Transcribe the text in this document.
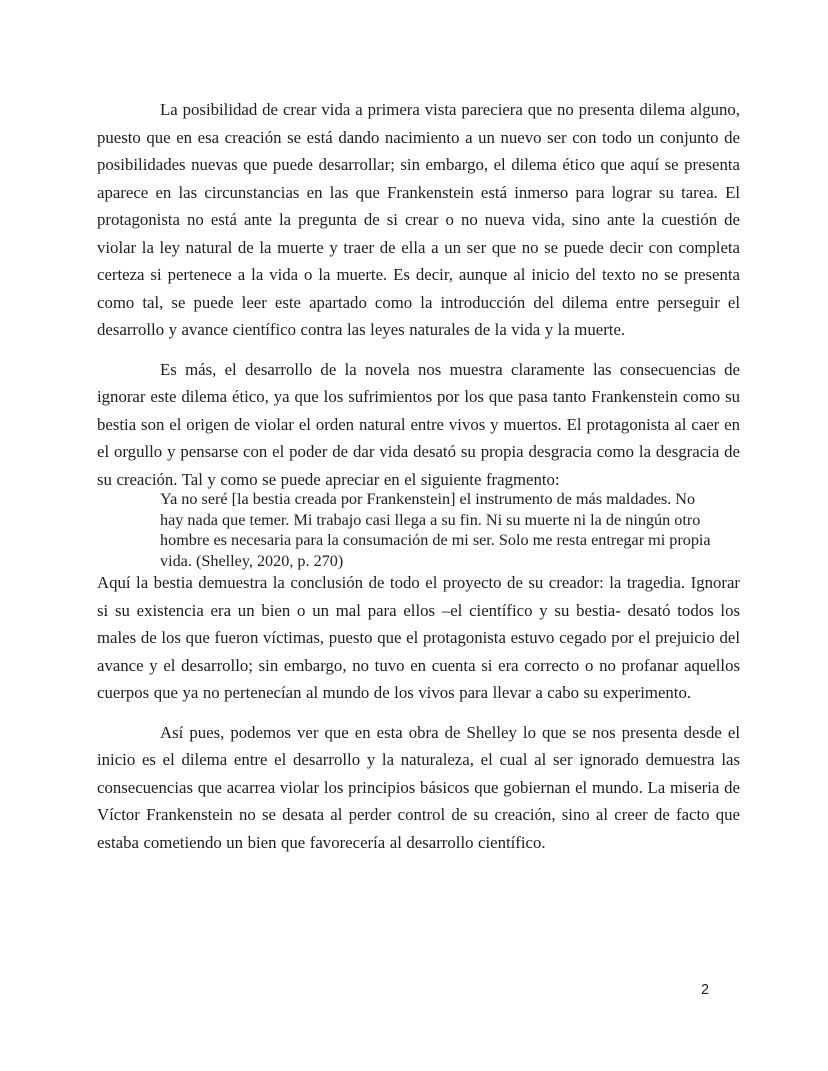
La posibilidad de crear vida a primera vista pareciera que no presenta dilema alguno, puesto que en esa creación se está dando nacimiento a un nuevo ser con todo un conjunto de posibilidades nuevas que puede desarrollar; sin embargo, el dilema ético que aquí se presenta aparece en las circunstancias en las que Frankenstein está inmerso para lograr su tarea. El protagonista no está ante la pregunta de si crear o no nueva vida, sino ante la cuestión de violar la ley natural de la muerte y traer de ella a un ser que no se puede decir con completa certeza si pertenece a la vida o la muerte. Es decir, aunque al inicio del texto no se presenta como tal, se puede leer este apartado como la introducción del dilema entre perseguir el desarrollo y avance científico contra las leyes naturales de la vida y la muerte.

Es más, el desarrollo de la novela nos muestra claramente las consecuencias de ignorar este dilema ético, ya que los sufrimientos por los que pasa tanto Frankenstein como su bestia son el origen de violar el orden natural entre vivos y muertos. El protagonista al caer en el orgullo y pensarse con el poder de dar vida desató su propia desgracia como la desgracia de su creación. Tal y como se puede apreciar en el siguiente fragmento:

Ya no seré [la bestia creada por Frankenstein] el instrumento de más maldades. No hay nada que temer. Mi trabajo casi llega a su fin. Ni su muerte ni la de ningún otro hombre es necesaria para la consumación de mi ser. Solo me resta entregar mi propia vida. (Shelley, 2020, p. 270)

Aquí la bestia demuestra la conclusión de todo el proyecto de su creador: la tragedia. Ignorar si su existencia era un bien o un mal para ellos –el científico y su bestia- desató todos los males de los que fueron víctimas, puesto que el protagonista estuvo cegado por el prejuicio del avance y el desarrollo; sin embargo, no tuvo en cuenta si era correcto o no profanar aquellos cuerpos que ya no pertenecían al mundo de los vivos para llevar a cabo su experimento.

Así pues, podemos ver que en esta obra de Shelley lo que se nos presenta desde el inicio es el dilema entre el desarrollo y la naturaleza, el cual al ser ignorado demuestra las consecuencias que acarrea violar los principios básicos que gobiernan el mundo. La miseria de Víctor Frankenstein no se desata al perder control de su creación, sino al creer de facto que estaba cometiendo un bien que favorecería al desarrollo científico.

2
